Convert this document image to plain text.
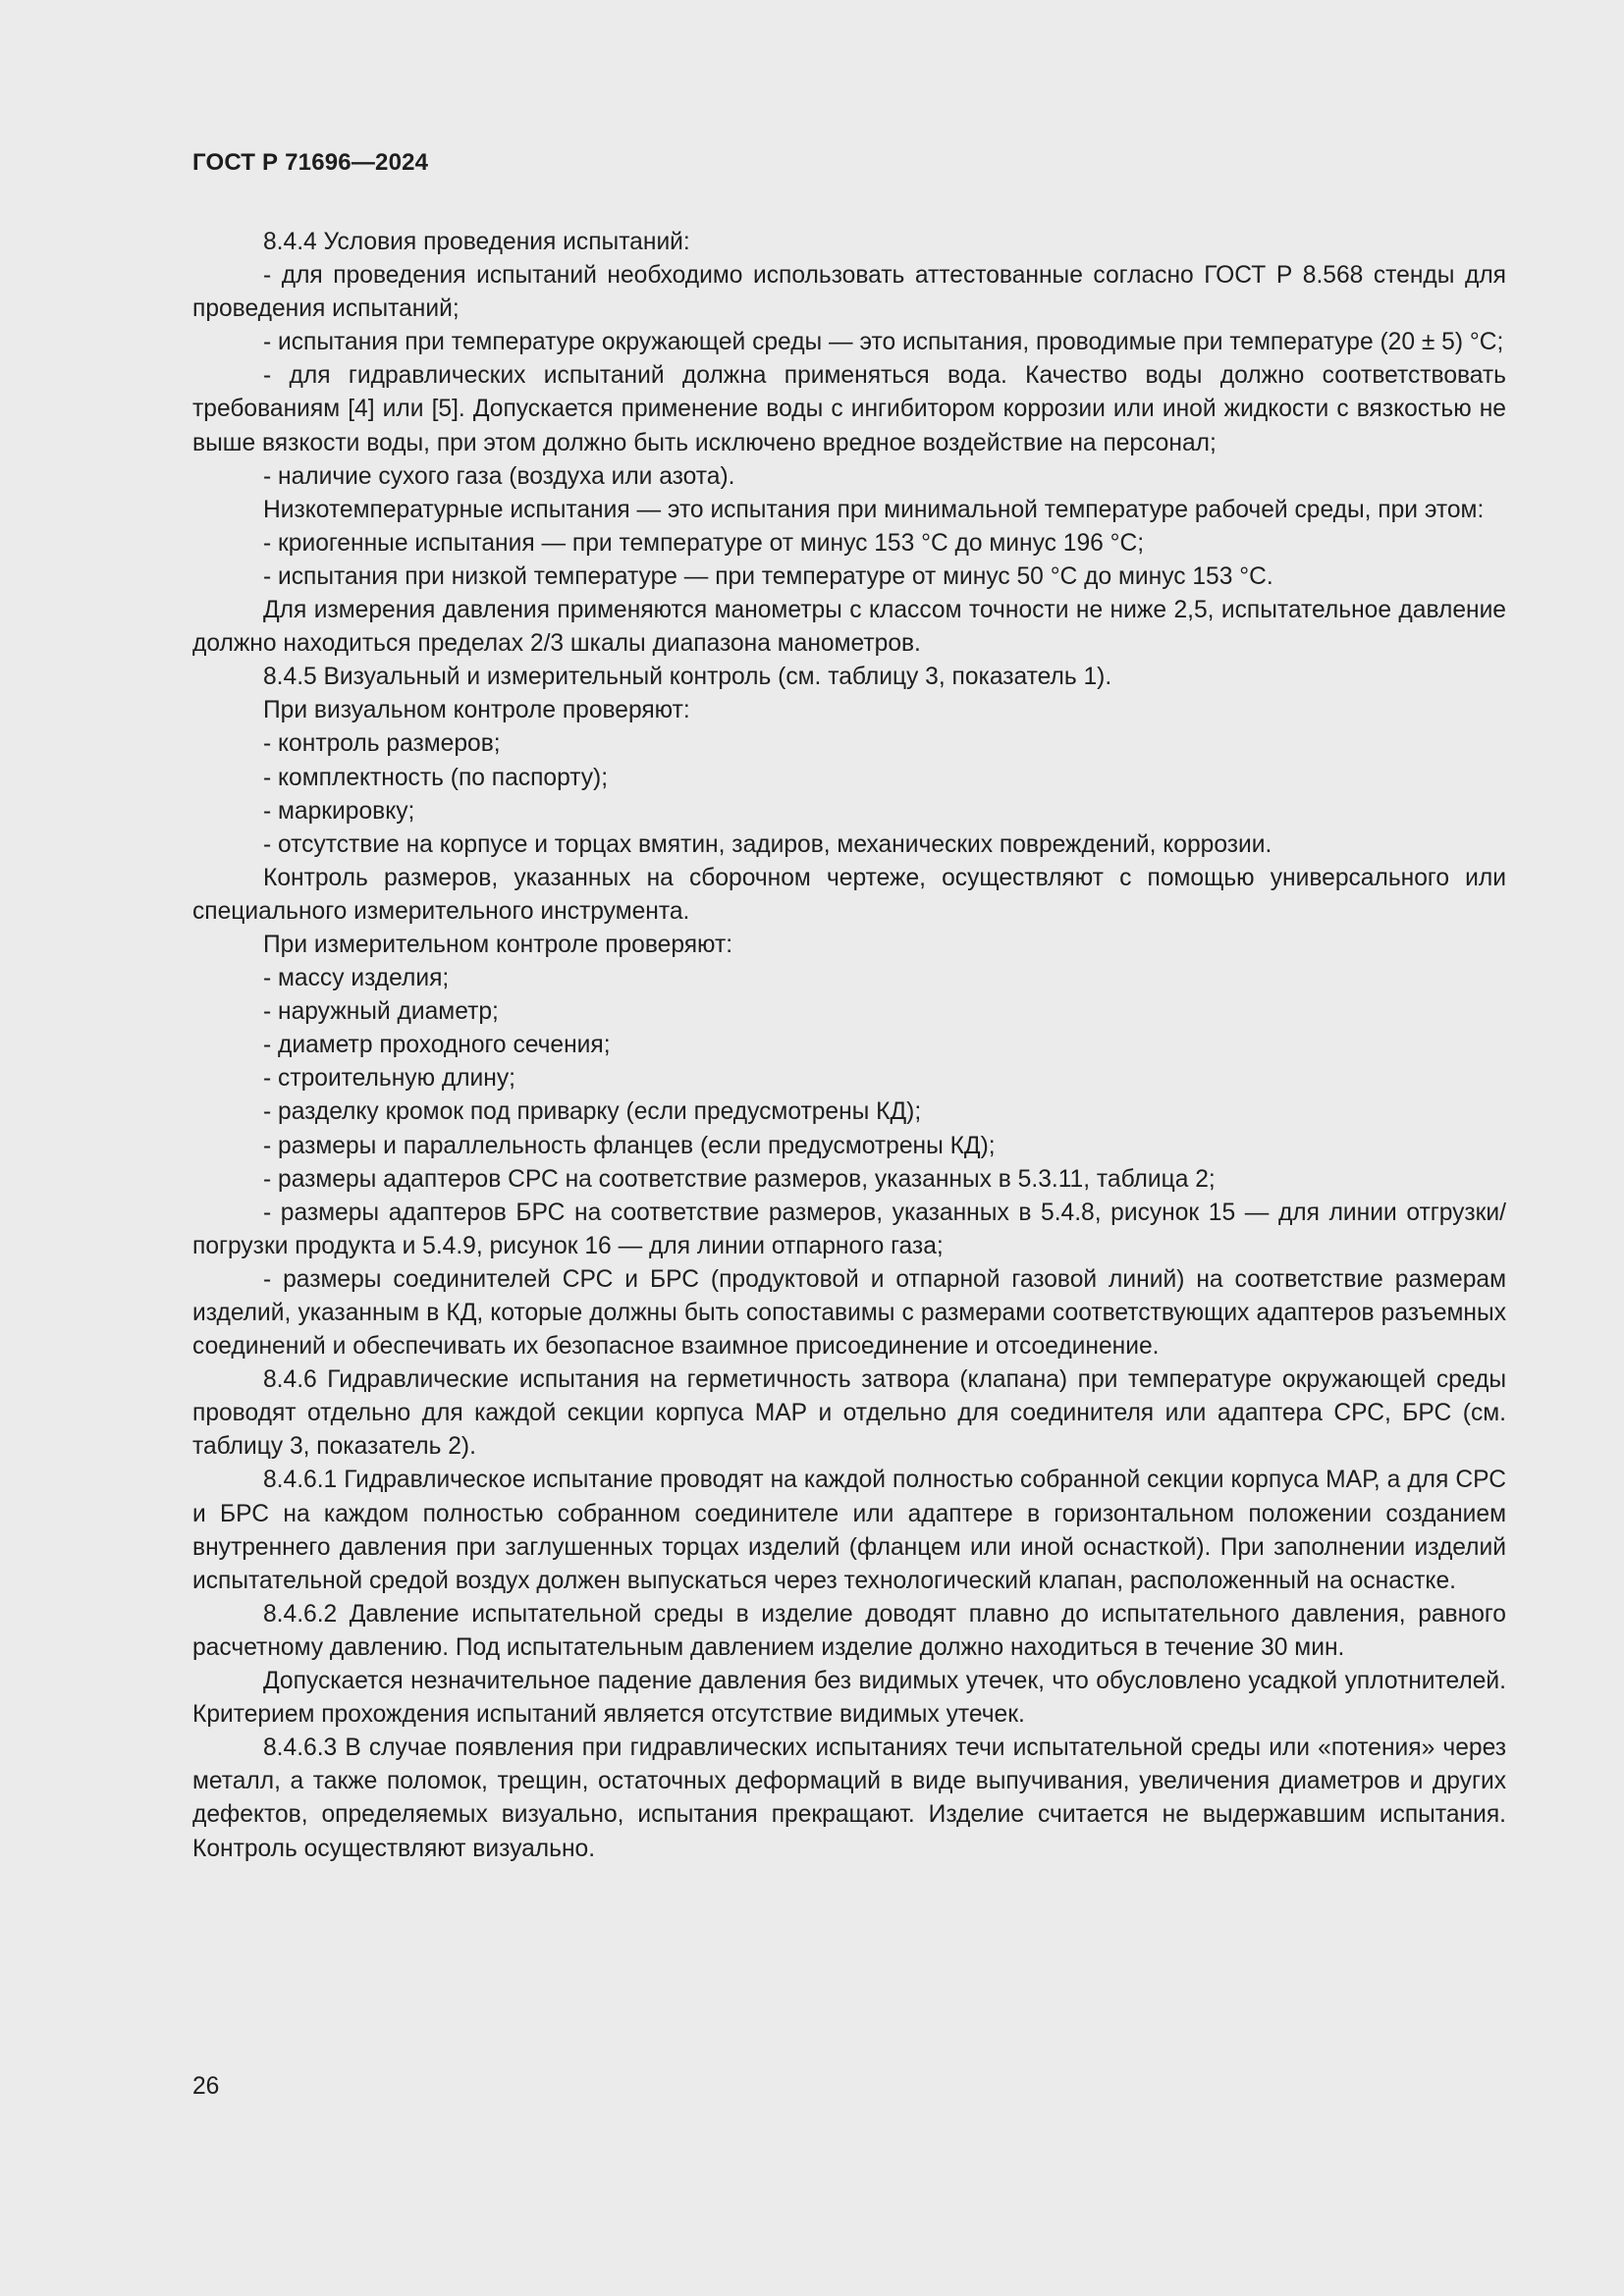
ГОСТ Р 71696—2024

8.4.4 Условия проведения испытаний:

- для проведения испытаний необходимо использовать аттестованные согласно ГОСТ Р 8.568 стенды для проведения испытаний;

- испытания при температуре окружающей среды — это испытания, проводимые при температуре (20 ± 5) °С;

- для гидравлических испытаний должна применяться вода. Качество воды должно соответствовать требованиям [4] или [5]. Допускается применение воды с ингибитором коррозии или иной жидкости с вязкостью не выше вязкости воды, при этом должно быть исключено вредное воздействие на персонал;

- наличие сухого газа (воздуха или азота).

Низкотемпературные испытания — это испытания при минимальной температуре рабочей среды, при этом:

- криогенные испытания — при температуре от минус 153 °С до минус 196 °С;

- испытания при низкой температуре — при температуре от минус 50 °С до минус 153 °С.

Для измерения давления применяются манометры с классом точности не ниже 2,5, испытательное давление должно находиться пределах 2/3 шкалы диапазона манометров.

8.4.5 Визуальный и измерительный контроль (см. таблицу 3, показатель 1).

При визуальном контроле проверяют:

- контроль размеров;

- комплектность (по паспорту);

- маркировку;

- отсутствие на корпусе и торцах вмятин, задиров, механических повреждений, коррозии.

Контроль размеров, указанных на сборочном чертеже, осуществляют с помощью универсального или специального измерительного инструмента.

При измерительном контроле проверяют:

- массу изделия;

- наружный диаметр;

- диаметр проходного сечения;

- строительную длину;

- разделку кромок под приварку (если предусмотрены КД);

- размеры и параллельность фланцев (если предусмотрены КД);

- размеры адаптеров СРС на соответствие размеров, указанных в 5.3.11, таблица 2;

- размеры адаптеров БРС на соответствие размеров, указанных в 5.4.8, рисунок 15 — для линии отгрузки/погрузки продукта и 5.4.9, рисунок 16 — для линии отпарного газа;

- размеры соединителей СРС и БРС (продуктовой и отпарной газовой линий) на соответствие размерам изделий, указанным в КД, которые должны быть сопоставимы с размерами соответствующих адаптеров разъемных соединений и обеспечивать их безопасное взаимное присоединение и отсоединение.

8.4.6 Гидравлические испытания на герметичность затвора (клапана) при температуре окружающей среды проводят отдельно для каждой секции корпуса МАР и отдельно для соединителя или адаптера СРС, БРС (см. таблицу 3, показатель 2).

8.4.6.1 Гидравлическое испытание проводят на каждой полностью собранной секции корпуса МАР, а для СРС и БРС на каждом полностью собранном соединителе или адаптере в горизонтальном положении созданием внутреннего давления при заглушенных торцах изделий (фланцем или иной оснасткой). При заполнении изделий испытательной средой воздух должен выпускаться через технологический клапан, расположенный на оснастке.

8.4.6.2 Давление испытательной среды в изделие доводят плавно до испытательного давления, равного расчетному давлению. Под испытательным давлением изделие должно находиться в течение 30 мин.

Допускается незначительное падение давления без видимых утечек, что обусловлено усадкой уплотнителей. Критерием прохождения испытаний является отсутствие видимых утечек.

8.4.6.3 В случае появления при гидравлических испытаниях течи испытательной среды или «потения» через металл, а также поломок, трещин, остаточных деформаций в виде выпучивания, увеличения диаметров и других дефектов, определяемых визуально, испытания прекращают. Изделие считается не выдержавшим испытания. Контроль осуществляют визуально.

26
